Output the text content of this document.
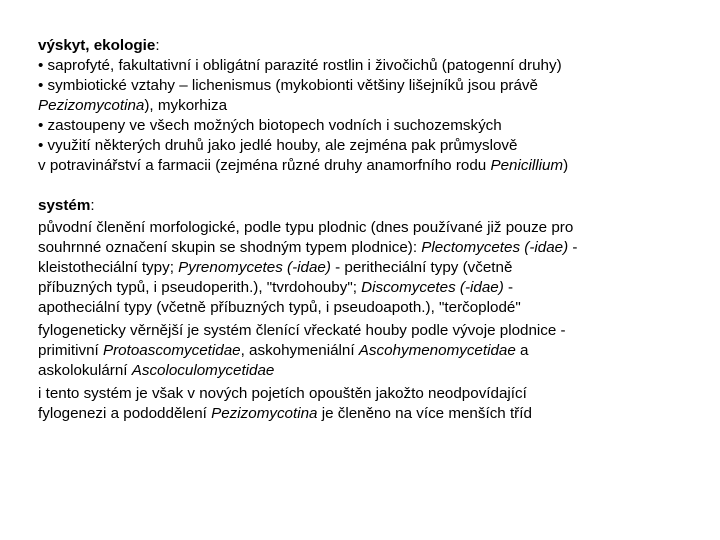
výskyt, ekologie:
• saprofyté, fakultativní i obligátní parazité rostlin i živočichů (patogenní druhy)
• symbiotické vztahy – lichenismus (mykobionti většiny lišejníků jsou právě
Pezizomycotina), mykorhiza
• zastoupeny ve všech možných biotopech vodních i suchozemských
• využití některých druhů jako jedlé houby, ale zejména pak průmyslově
v potravinářství a farmacii (zejména různé druhy anamorfního rodu Penicillium)
systém:
původní členění morfologické, podle typu plodnic (dnes používané již pouze pro
souhrnné označení skupin se shodným typem plodnice): Plectomycetes (-idae) -
kleistotheciální typy; Pyrenomycetes (-idae) - peritheciální typy (včetně
příbuzných typů, i pseudoperith.), "tvrdohouby"; Discomycetes (-idae) -
apotheciální typy (včetně příbuzných typů, i pseudoapoth.), "terčoplodé"
fylogeneticky věrnější je systém členící vřeckaté houby podle vývoje plodnice -
primitivní Protoascomycetidae, askohymeniální Ascohymenomycetidae a
askolokulární Ascoloculomycetidae
i tento systém je však v nových pojetích opouštěn jakožto neodpovídající
fylogenezi a pododdělení Pezizomycotina je členěno na více menších tříd
